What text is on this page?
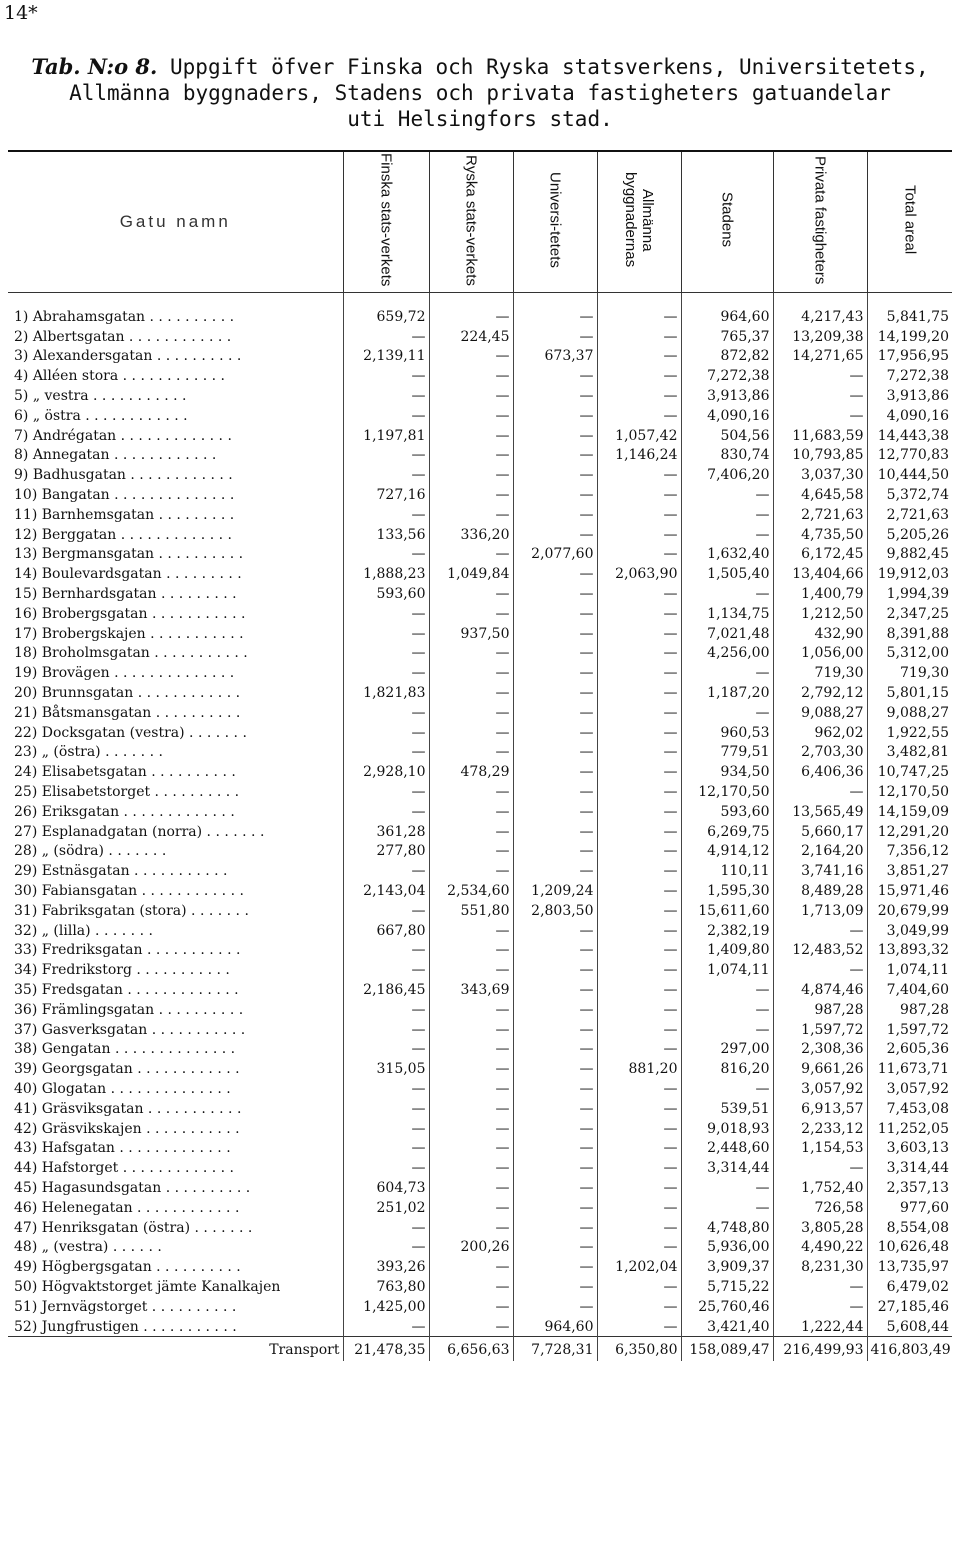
14*
Tab. N:o 8. Uppgift öfver Finska och Ryska statsverkens, Universitetets,
Allmänna byggnaders, Stadens och privata fastigheters gatuandelar
uti Helsingfors stad.
Gatu namn	Finska stats-verkets	Ryska stats-verkets	Universi-tetets	Allmänna byggnadernas	Stadens	Privata fastigheters	Total areal
1) Abrahamsgatan . . . . . . . . . .	659,72	—	—	—	964,60	4,217,43	5,841,75
2) Albertsgatan . . . . . . . . . . . .	—	224,45	—	—	765,37	13,209,38	14,199,20
3) Alexandersgatan . . . . . . . . . .	2,139,11	—	673,37	—	872,82	14,271,65	17,956,95
4) Alléen stora . . . . . . . . . . . .	—	—	—	—	7,272,38	—	7,272,38
5) „ vestra . . . . . . . . . . .	—	—	—	—	3,913,86	—	3,913,86
6) „ östra . . . . . . . . . . . .	—	—	—	—	4,090,16	—	4,090,16
7) Andrégatan . . . . . . . . . . . . .	1,197,81	—	—	1,057,42	504,56	11,683,59	14,443,38
8) Annegatan . . . . . . . . . . . .	—	—	—	1,146,24	830,74	10,793,85	12,770,83
9) Badhusgatan . . . . . . . . . . . .	—	—	—	—	7,406,20	3,037,30	10,444,50
10) Bangatan . . . . . . . . . . . . . .	727,16	—	—	—	—	4,645,58	5,372,74
11) Barnhemsgatan . . . . . . . . .	—	—	—	—	—	2,721,63	2,721,63
12) Berggatan . . . . . . . . . . . . .	133,56	336,20	—	—	—	4,735,50	5,205,26
13) Bergmansgatan . . . . . . . . . .	—	—	2,077,60	—	1,632,40	6,172,45	9,882,45
14) Boulevardsgatan . . . . . . . . .	1,888,23	1,049,84	—	2,063,90	1,505,40	13,404,66	19,912,03
15) Bernhardsgatan . . . . . . . . .	593,60	—	—	—	—	1,400,79	1,994,39
16) Brobergsgatan . . . . . . . . . . .	—	—	—	—	1,134,75	1,212,50	2,347,25
17) Brobergskajen . . . . . . . . . . .	—	937,50	—	—	7,021,48	432,90	8,391,88
18) Broholmsgatan . . . . . . . . . . .	—	—	—	—	4,256,00	1,056,00	5,312,00
19) Brovägen . . . . . . . . . . . . . .	—	—	—	—	—	719,30	719,30
20) Brunnsgatan . . . . . . . . . . . .	1,821,83	—	—	—	1,187,20	2,792,12	5,801,15
21) Båtsmansgatan . . . . . . . . . .	—	—	—	—	—	9,088,27	9,088,27
22) Docksgatan (vestra) . . . . . . .	—	—	—	—	960,53	962,02	1,922,55
23) „ (östra) . . . . . . .	—	—	—	—	779,51	2,703,30	3,482,81
24) Elisabetsgatan . . . . . . . . . .	2,928,10	478,29	—	—	934,50	6,406,36	10,747,25
25) Elisabetstorget . . . . . . . . . .	—	—	—	—	12,170,50	—	12,170,50
26) Eriksgatan . . . . . . . . . . . . .	—	—	—	—	593,60	13,565,49	14,159,09
27) Esplanadgatan (norra) . . . . . . .	361,28	—	—	—	6,269,75	5,660,17	12,291,20
28) „ (södra) . . . . . . .	277,80	—	—	—	4,914,12	2,164,20	7,356,12
29) Estnäsgatan . . . . . . . . . . .	—	—	—	—	110,11	3,741,16	3,851,27
30) Fabiansgatan . . . . . . . . . . . .	2,143,04	2,534,60	1,209,24	—	1,595,30	8,489,28	15,971,46
31) Fabriksgatan (stora) . . . . . . .	—	551,80	2,803,50	—	15,611,60	1,713,09	20,679,99
32) „ (lilla) . . . . . . .	667,80	—	—	—	2,382,19	—	3,049,99
33) Fredriksgatan . . . . . . . . . . .	—	—	—	—	1,409,80	12,483,52	13,893,32
34) Fredrikstorg . . . . . . . . . . .	—	—	—	—	1,074,11	—	1,074,11
35) Fredsgatan . . . . . . . . . . . . .	2,186,45	343,69	—	—	—	4,874,46	7,404,60
36) Främlingsgatan . . . . . . . . . .	—	—	—	—	—	987,28	987,28
37) Gasverksgatan . . . . . . . . . . .	—	—	—	—	—	1,597,72	1,597,72
38) Gengatan . . . . . . . . . . . . . .	—	—	—	—	297,00	2,308,36	2,605,36
39) Georgsgatan . . . . . . . . . . . .	315,05	—	—	881,20	816,20	9,661,26	11,673,71
40) Glogatan . . . . . . . . . . . . . .	—	—	—	—	—	3,057,92	3,057,92
41) Gräsviksgatan . . . . . . . . . . .	—	—	—	—	539,51	6,913,57	7,453,08
42) Gräsvikskajen . . . . . . . . . . .	—	—	—	—	9,018,93	2,233,12	11,252,05
43) Hafsgatan . . . . . . . . . . . . .	—	—	—	—	2,448,60	1,154,53	3,603,13
44) Hafstorget . . . . . . . . . . . . .	—	—	—	—	3,314,44	—	3,314,44
45) Hagasundsgatan . . . . . . . . . .	604,73	—	—	—	—	1,752,40	2,357,13
46) Helenegatan . . . . . . . . . . . .	251,02	—	—	—	—	726,58	977,60
47) Henriksgatan (östra) . . . . . . .	—	—	—	—	4,748,80	3,805,28	8,554,08
48) „ (vestra) . . . . . .	—	200,26	—	—	5,936,00	4,490,22	10,626,48
49) Högbergsgatan . . . . . . . . . .	393,26	—	—	1,202,04	3,909,37	8,231,30	13,735,97
50) Högvaktstorget jämte Kanalkajen	763,80	—	—	—	5,715,22	—	6,479,02
51) Jernvägstorget . . . . . . . . . .	1,425,00	—	—	—	25,760,46	—	27,185,46
52) Jungfrustigen . . . . . . . . . . .	—	—	964,60	—	3,421,40	1,222,44	5,608,44
Transport	21,478,35	6,656,63	7,728,31	6,350,80	158,089,47	216,499,93	416,803,49
